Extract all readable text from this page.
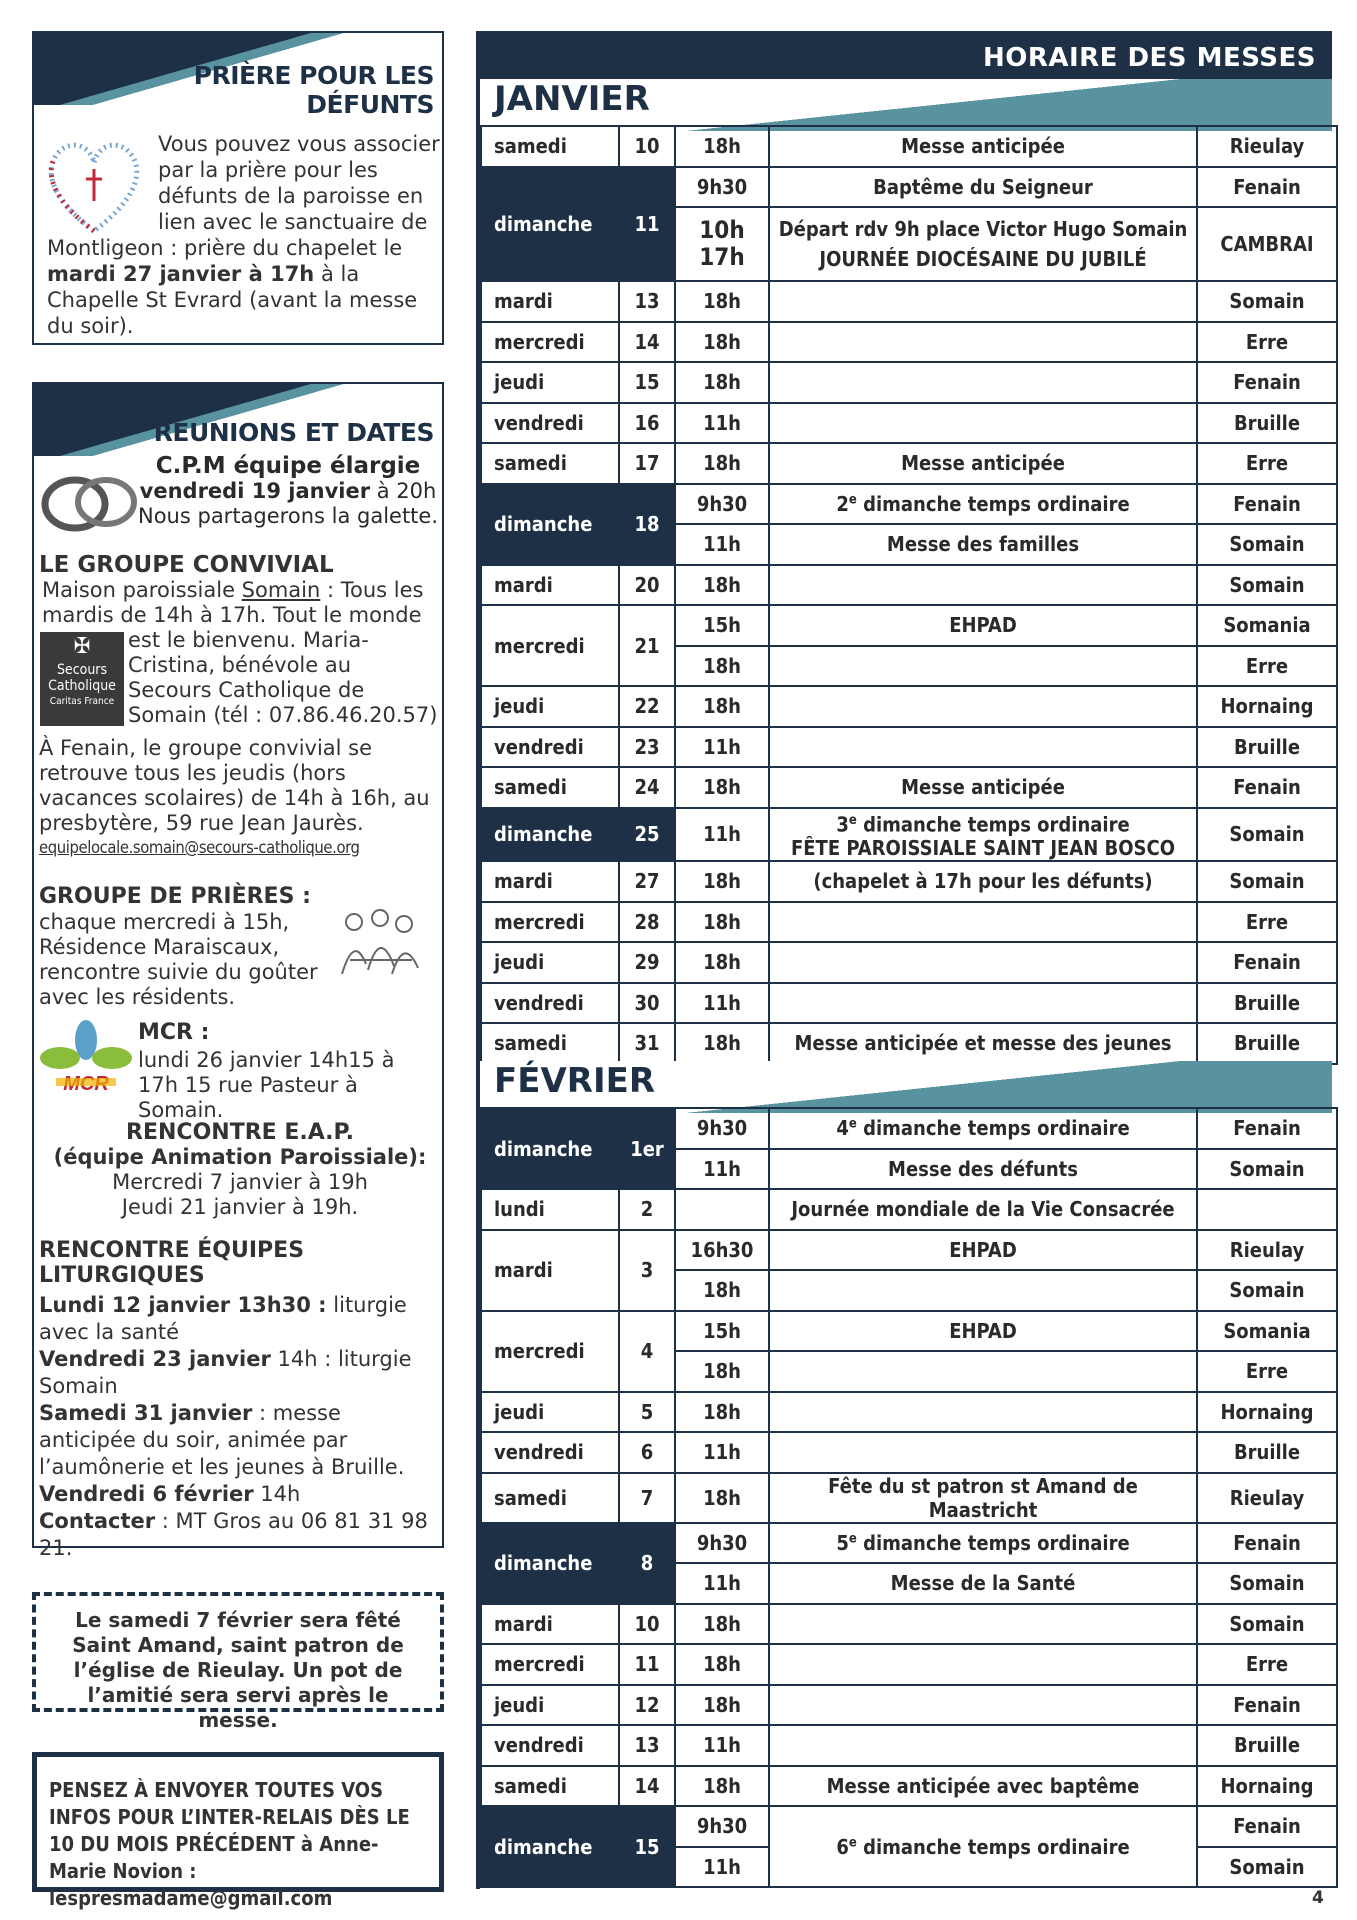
PRIÈRE POUR LES
DÉFUNTS
Vous pouvez vous associer par la prière pour les défunts de la paroisse en lien avec le sanctuaire de
Montligeon : prière du chapelet le
mardi 27 janvier à 17h à la Chapelle St Evrard (avant la messe du soir).
RÉUNIONS ET DATES
C.P.M équipe élargie
vendredi 19 janvier à 20h
Nous partagerons la galette.
LE GROUPE CONVIVIAL
Maison paroissiale Somain : Tous les mardis de 14h à 17h. Tout le monde
✠
Secours
Catholique
Caritas France
est le bienvenu. Maria-Cristina, bénévole au Secours Catholique de Somain (tél : 07.86.46.20.57)
À Fenain, le groupe convivial se retrouve tous les jeudis (hors vacances scolaires) de 14h à 16h, au presbytère, 59 rue Jean Jaurès.
equipelocale.somain@secours-catholique.org
GROUPE DE PRIÈRES :
chaque mercredi à 15h, Résidence Maraiscaux, rencontre suivie du goûter avec les résidents.
MCR :
lundi 26 janvier 14h15 à 17h 15 rue Pasteur à Somain.
RENCONTRE E.A.P.
(équipe Animation Paroissiale):
Mercredi 7 janvier à 19h
Jeudi 21 janvier à 19h.
RENCONTRE ÉQUIPES LITURGIQUES
Lundi 12 janvier 13h30 : liturgie avec la santé
Vendredi 23 janvier 14h : liturgie Somain
Samedi 31 janvier : messe anticipée du soir, animée par l’aumônerie et les jeunes à Bruille.
Vendredi 6 février 14h
Contacter : MT Gros au 06 81 31 98 21.
Le samedi 7 février sera fêté Saint Amand, saint patron de l’église de Rieulay. Un pot de l’amitié sera servi après le messe.
PENSEZ À ENVOYER TOUTES VOS INFOS POUR L’INTER-RELAIS DÈS LE 10 DU MOIS PRÉCÉDENT à Anne-Marie Novion : lespresmadame@gmail.com
HORAIRE DES MESSES
JANVIER
samedi	10	18h	Messe anticipée	Rieulay
dimanche	11	9h30	Baptême du Seigneur	Fenain
		10h
17h	Départ rdv 9h place Victor Hugo Somain
JOURNÉE DIOCÉSAINE DU JUBILÉ	CAMBRAI
mardi	13	18h		Somain
mercredi	14	18h		Erre
jeudi	15	18h		Fenain
vendredi	16	11h		Bruille
samedi	17	18h	Messe anticipée	Erre
dimanche	18	9h30	2e dimanche temps ordinaire	Fenain
		11h	Messe des familles	Somain
mardi	20	18h		Somain
mercredi	21	15h	EHPAD	Somania
		18h		Erre
jeudi	22	18h		Hornaing
vendredi	23	11h		Bruille
samedi	24	18h	Messe anticipée	Fenain
dimanche	25	11h	3e dimanche temps ordinaire
FÊTE PAROISSIALE SAINT JEAN BOSCO	Somain
mardi	27	18h	(chapelet à 17h pour les défunts)	Somain
mercredi	28	18h		Erre
jeudi	29	18h		Fenain
vendredi	30	11h		Bruille
samedi	31	18h	Messe anticipée et messe des jeunes	Bruille
FÉVRIER
dimanche	1er	9h30	4e dimanche temps ordinaire	Fenain
		11h	Messe des défunts	Somain
lundi	2		Journée mondiale de la Vie Consacrée	
mardi	3	16h30	EHPAD	Rieulay
		18h		Somain
mercredi	4	15h	EHPAD	Somania
		18h		Erre
jeudi	5	18h		Hornaing
vendredi	6	11h		Bruille
samedi	7	18h	Fête du st patron st Amand de Maastricht	Rieulay
dimanche	8	9h30	5e dimanche temps ordinaire	Fenain
		11h	Messe de la Santé	Somain
mardi	10	18h		Somain
mercredi	11	18h		Erre
jeudi	12	18h		Fenain
vendredi	13	11h		Bruille
samedi	14	18h	Messe anticipée avec baptême	Hornaing
dimanche	15	9h30	6e dimanche temps ordinaire	Fenain
		11h		Somain
4
